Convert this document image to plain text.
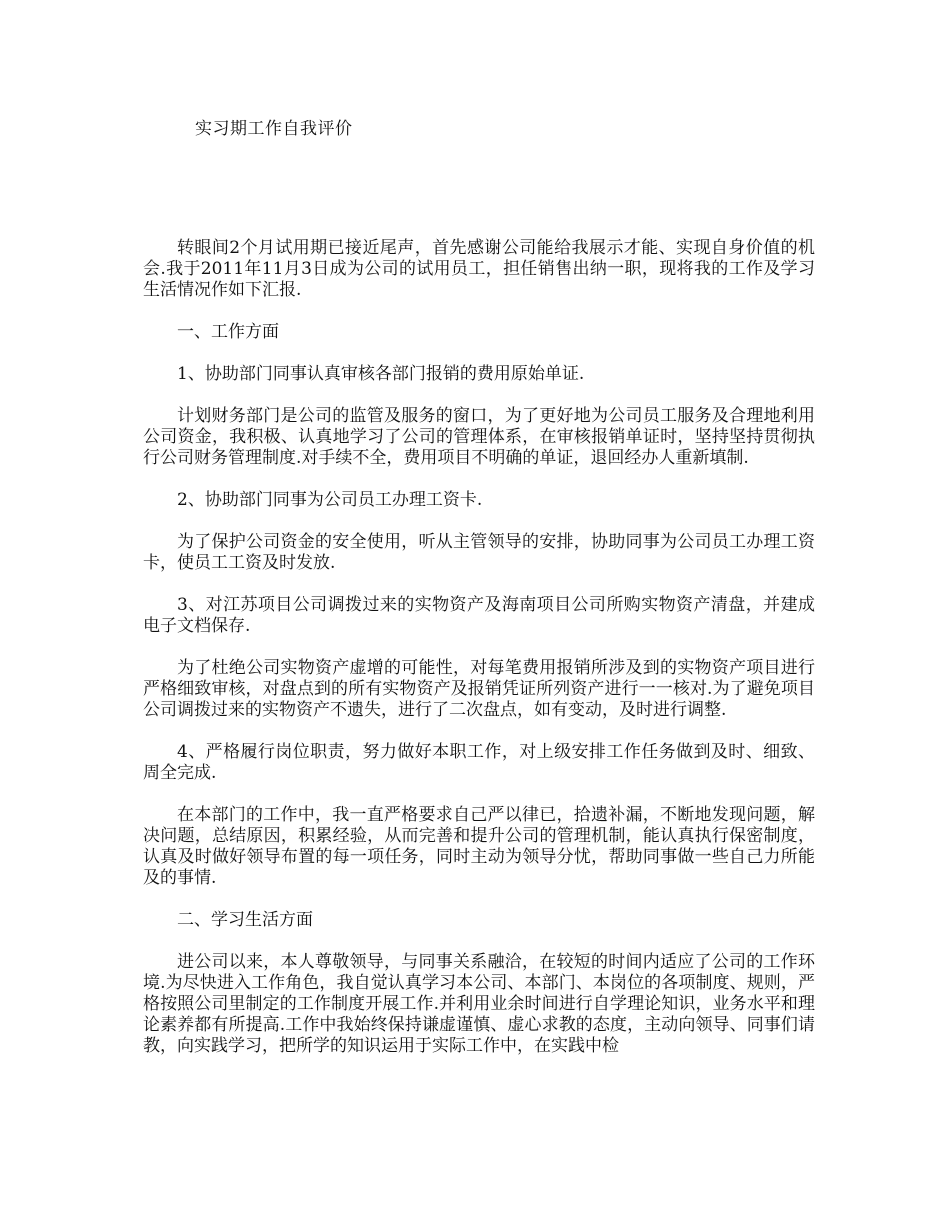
实习期工作自我评价

转眼间2个月试用期已接近尾声，首先感谢公司能给我展示才能、实现自身价值的机会.我于2011年11月3日成为公司的试用员工，担任销售出纳一职，现将我的工作及学习生活情况作如下汇报.

一、工作方面

1、协助部门同事认真审核各部门报销的费用原始单证.

计划财务部门是公司的监管及服务的窗口，为了更好地为公司员工服务及合理地利用公司资金，我积极、认真地学习了公司的管理体系，在审核报销单证时，坚持坚持贯彻执行公司财务管理制度.对手续不全，费用项目不明确的单证，退回经办人重新填制.

2、协助部门同事为公司员工办理工资卡.

为了保护公司资金的安全使用，听从主管领导的安排，协助同事为公司员工办理工资卡，使员工工资及时发放.

3、对江苏项目公司调拨过来的实物资产及海南项目公司所购实物资产清盘，并建成电子文档保存.

为了杜绝公司实物资产虚增的可能性，对每笔费用报销所涉及到的实物资产项目进行严格细致审核，对盘点到的所有实物资产及报销凭证所列资产进行一一核对.为了避免项目公司调拨过来的实物资产不遗失，进行了二次盘点，如有变动，及时进行调整.

4、严格履行岗位职责，努力做好本职工作，对上级安排工作任务做到及时、细致、周全完成.

在本部门的工作中，我一直严格要求自己严以律已，拾遗补漏，不断地发现问题，解决问题，总结原因，积累经验，从而完善和提升公司的管理机制，能认真执行保密制度，认真及时做好领导布置的每一项任务，同时主动为领导分忧，帮助同事做一些自己力所能及的事情.

二、学习生活方面

进公司以来，本人尊敬领导，与同事关系融洽，在较短的时间内适应了公司的工作环境.为尽快进入工作角色，我自觉认真学习本公司、本部门、本岗位的各项制度、规则，严格按照公司里制定的工作制度开展工作.并利用业余时间进行自学理论知识，业务水平和理论素养都有所提高.工作中我始终保持谦虚谨慎、虚心求教的态度，主动向领导、同事们请教，向实践学习，把所学的知识运用于实际工作中，在实践中检
